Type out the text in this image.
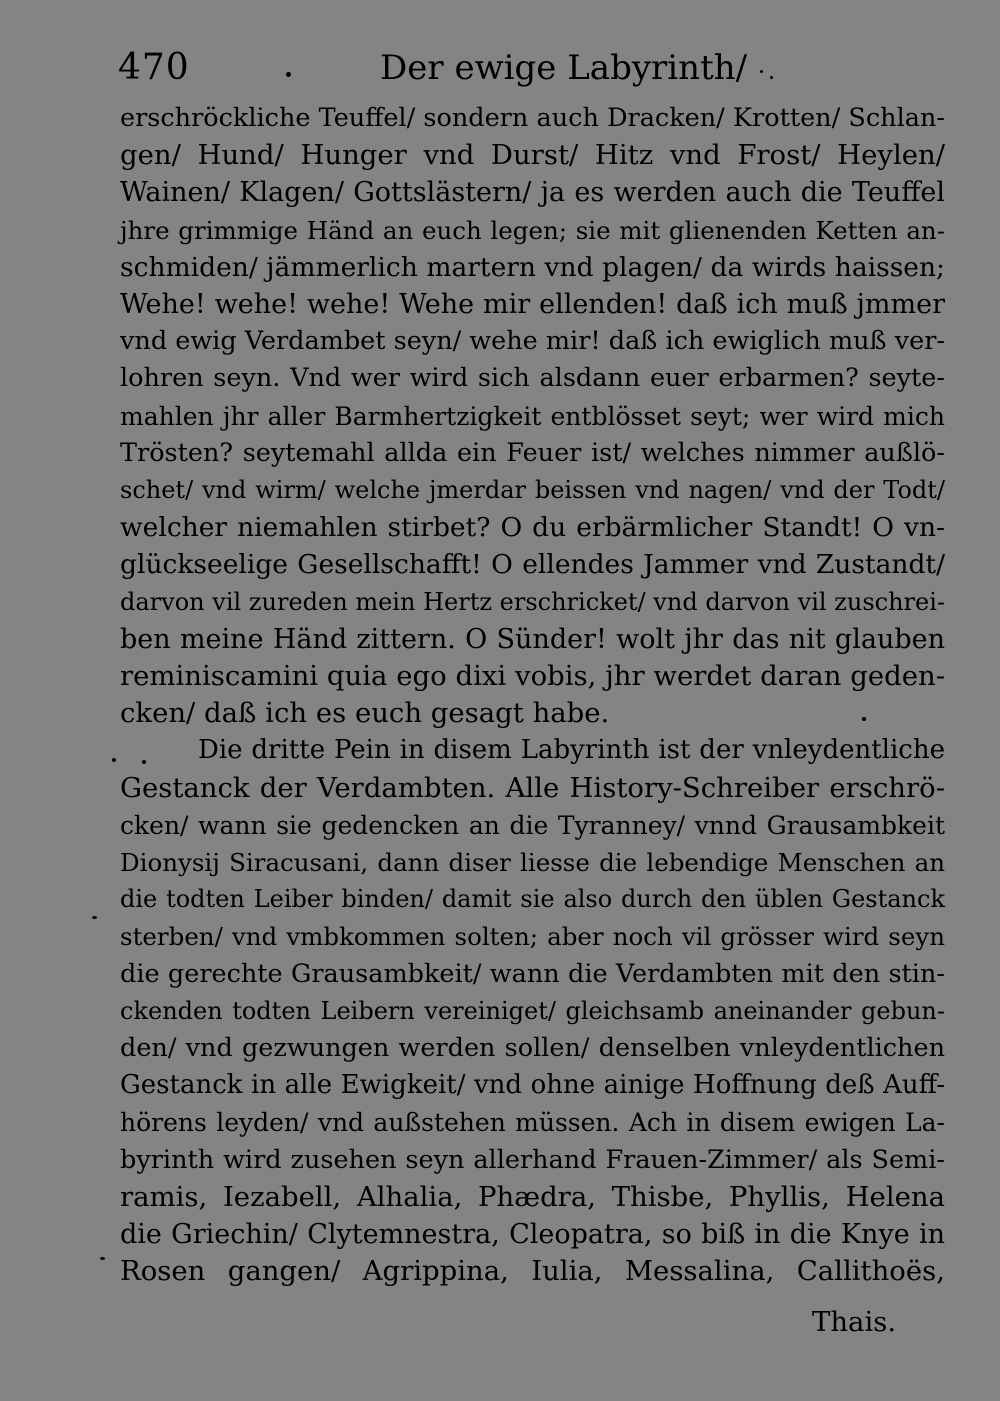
470	Der ewige Labyrinth/
erschröckliche Teuffel/ sondern auch Dracken/ Krotten/ Schlan-
gen/ Hund/ Hunger vnd Durst/ Hitz vnd Frost/ Heylen/
Wainen/ Klagen/ Gottslästern/ ja es werden auch die Teuffel
jhre grimmige Händ an euch legen; sie mit glienenden Ketten an-
schmiden/ jämmerlich martern vnd plagen/ da wirds haissen;
Wehe! wehe! wehe! Wehe mir ellenden! daß ich muß jmmer
vnd ewig Verdambet seyn/ wehe mir! daß ich ewiglich muß ver-
lohren seyn. Vnd wer wird sich alsdann euer erbarmen? seyte-
mahlen jhr aller Barmhertzigkeit entblösset seyt; wer wird mich
Trösten? seytemahl allda ein Feuer ist/ welches nimmer außlö-
schet/ vnd wirm/ welche jmerdar beissen vnd nagen/ vnd der Todt/
welcher niemahlen stirbet? O du erbärmlicher Standt! O vn-
glückseelige Gesellschafft! O ellendes Jammer vnd Zustandt/
darvon vil zureden mein Hertz erschricket/ vnd darvon vil zuschrei-
ben meine Händ zittern. O Sünder! wolt jhr das nit glauben
reminiscamini quia ego dixi vobis, jhr werdet daran geden-
cken/ daß ich es euch gesagt habe.
Die dritte Pein in disem Labyrinth ist der vnleydentliche
Gestanck der Verdambten. Alle History-Schreiber erschrö-
cken/ wann sie gedencken an die Tyranney/ vnnd Grausambkeit
Dionysij Siracusani, dann diser liesse die lebendige Menschen an
die todten Leiber binden/ damit sie also durch den üblen Gestanck
sterben/ vnd vmbkommen solten; aber noch vil grösser wird seyn
die gerechte Grausambkeit/ wann die Verdambten mit den stin-
ckenden todten Leibern vereiniget/ gleichsamb aneinander gebun-
den/ vnd gezwungen werden sollen/ denselben vnleydentlichen
Gestanck in alle Ewigkeit/ vnd ohne ainige Hoffnung deß Auff-
hörens leyden/ vnd außstehen müssen. Ach in disem ewigen La-
byrinth wird zusehen seyn allerhand Frauen-Zimmer/ als Semi-
ramis, Iezabell, Alhalia, Phædra, Thisbe, Phyllis, Helena
die Griechin/ Clytemnestra, Cleopatra, so biß in die Knye in
Rosen gangen/ Agrippina, Iulia, Messalina, Callithoës,
Thais.
